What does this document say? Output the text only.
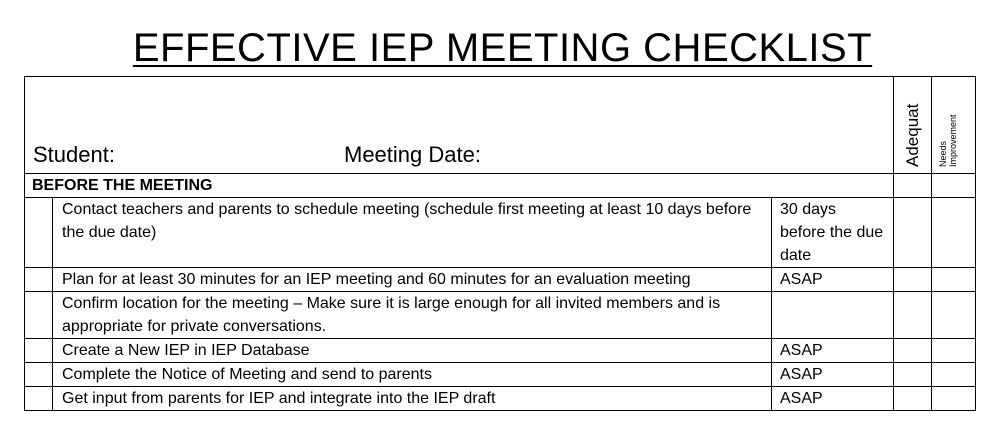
EFFECTIVE IEP MEETING CHECKLIST
Student: Meeting Date:			Adequat	Needs Improvement

BEFORE THE MEETING				
	Contact teachers and parents to schedule meeting (schedule first meeting at least 10 days before the due date)	30 days before the due date		
	Plan for at least 30 minutes for an IEP meeting and 60 minutes for an evaluation meeting	ASAP		
	Confirm location for the meeting – Make sure it is large enough for all invited members and is appropriate for private conversations.			
	Create a New IEP in IEP Database	ASAP		
	Complete the Notice of Meeting and send to parents	ASAP		
	Get input from parents for IEP and integrate into the IEP draft	ASAP		
